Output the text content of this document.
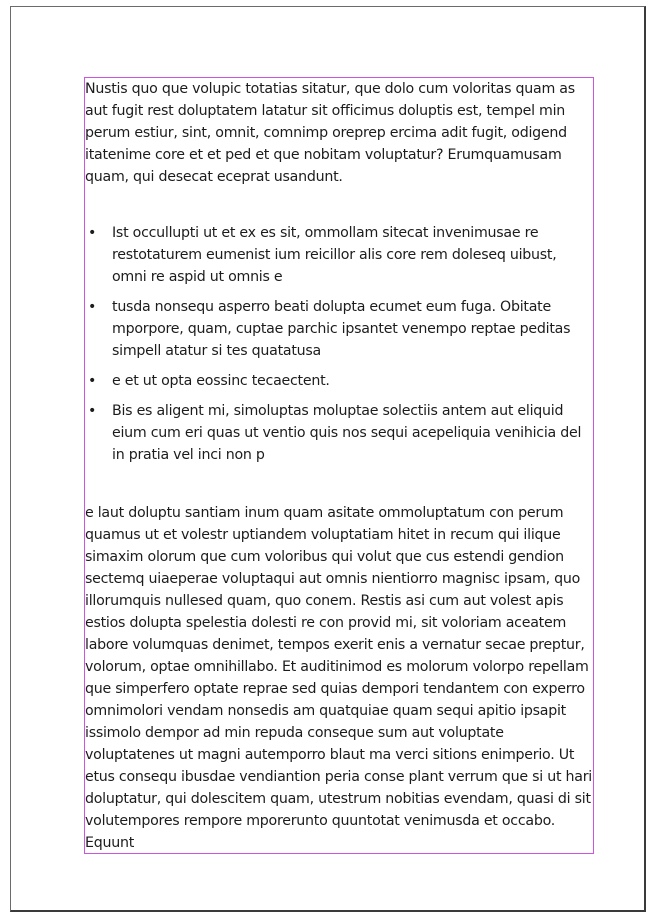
Nustis quo que volupic totatias sitatur, que dolo cum voloritas quam as aut fugit rest doluptatem latatur sit officimus doluptis est, tempel min perum estiur, sint, omnit, comnimp oreprep ercima adit fugit, odigend itatenime core et et ped et que nobitam voluptatur? Erumquamusam quam, qui desecat eceprat usandunt.

• Ist occullupti ut et ex es sit, ommollam sitecat invenimusae re restotaturem eumenist ium reicillor alis core rem doleseq uibust, omni re aspid ut omnis e
• tusda nonsequ asperro beati dolupta ecumet eum fuga. Obitate mporpore, quam, cuptae parchic ipsantet venempo reptae peditas simpell atatur si tes quatatusa
• e et ut opta eossinc tecaectent.
• Bis es aligent mi, simoluptas moluptae solectiis antem aut eliquid eium cum eri quas ut ventio quis nos sequi acepeliquia venihicia del in pratia vel inci non p

e laut doluptu santiam inum quam asitate ommoluptatum con perum quamus ut et volestr uptiandem voluptatiam hitet in recum qui ilique simaxim olorum que cum voloribus qui volut que cus estendi gendion sectemq uiaeperae voluptaqui aut omnis nientiorro magnisc ipsam, quo illorumquis nullesed quam, quo conem. Restis asi cum aut volest apis estios dolupta spelestia dolesti re con provid mi, sit voloriam aceatem labore volumquas denimet, tempos exerit enis a vernatur secae preptur, volorum, optae omnihillabo. Et auditinimod es molorum volorpo repellam que simperfero optate reprae sed quias dempori tendantem con experro omnimolori vendam nonsedis am quatquiae quam sequi apitio ipsapit issimolo dempor ad min repuda conseque sum aut voluptate voluptatenes ut magni autemporro blaut ma verci sitions enimperio. Ut etus consequ ibusdae vendiantion peria conse plant verrum que si ut hari doluptatur, qui dolescitem quam, utestrum nobitias evendam, quasi di sit volutempores rempore mporerunto quuntotat venimusda et occabo. Equunt
